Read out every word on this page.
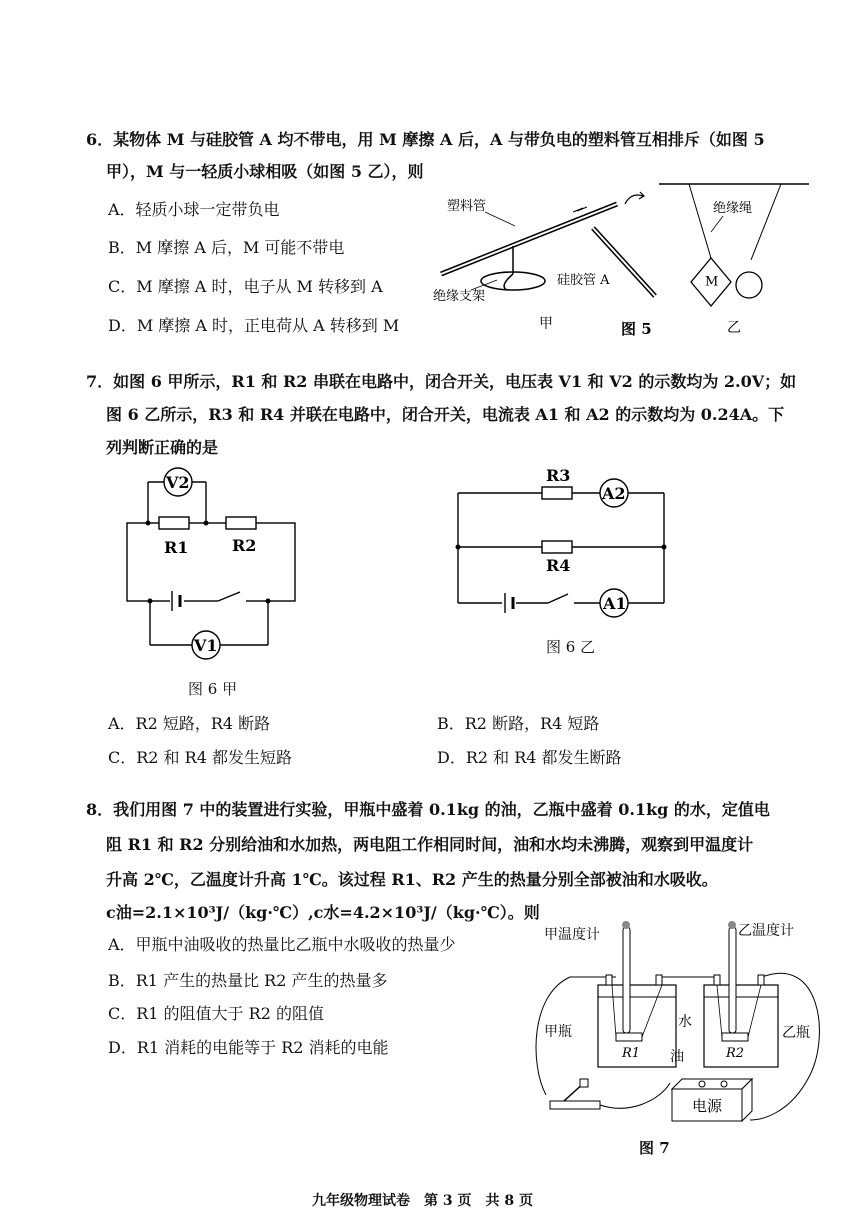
6．某物体 M 与硅胶管 A 均不带电，用 M 摩擦 A 后，A 与带负电的塑料管互相排斥（如图 5
甲），M 与一轻质小球相吸（如图 5 乙），则
A．轻质小球一定带负电
B．M 摩擦 A 后，M 可能不带电
C．M 摩擦 A 时，电子从 M 转移到 A
D．M 摩擦 A 时，正电荷从 A 转移到 M
塑料管
硅胶管 A
绝缘支架
甲	图 5
M
绝缘绳
乙
7．如图 6 甲所示，R1 和 R2 串联在电路中，闭合开关，电压表 V1 和 V2 的示数均为 2.0V；如
图 6 乙所示，R3 和 R4 并联在电路中，闭合开关，电流表 A1 和 A2 的示数均为 0.24A。下
列判断正确的是
V2
R1	R2
V1
图 6 甲
R3
A2
R4
A1
图 6 乙
A．R2 短路，R4 断路	B．R2 断路，R4 短路
C．R2 和 R4 都发生短路	D．R2 和 R4 都发生断路
8．我们用图 7 中的装置进行实验，甲瓶中盛着 0.1kg 的油，乙瓶中盛着 0.1kg 的水，定值电
阻 R1 和 R2 分别给油和水加热，两电阻工作相同时间，油和水均未沸腾，观察到甲温度计
升高 2℃，乙温度计升高 1℃。该过程 R1、R2 产生的热量分别全部被油和水吸收。
c油=2.1×10³J/（kg·℃）,c水=4.2×10³J/（kg·℃）。则
A．甲瓶中油吸收的热量比乙瓶中水吸收的热量少
B．R1 产生的热量比 R2 产生的热量多
C．R1 的阻值大于 R2 的阻值
D．R1 消耗的电能等于 R2 消耗的电能	R1	R2
甲温度计	乙温度计
甲瓶	乙瓶
油
水
电源
图 7
九年级物理试卷　第 3 页　共 8 页
